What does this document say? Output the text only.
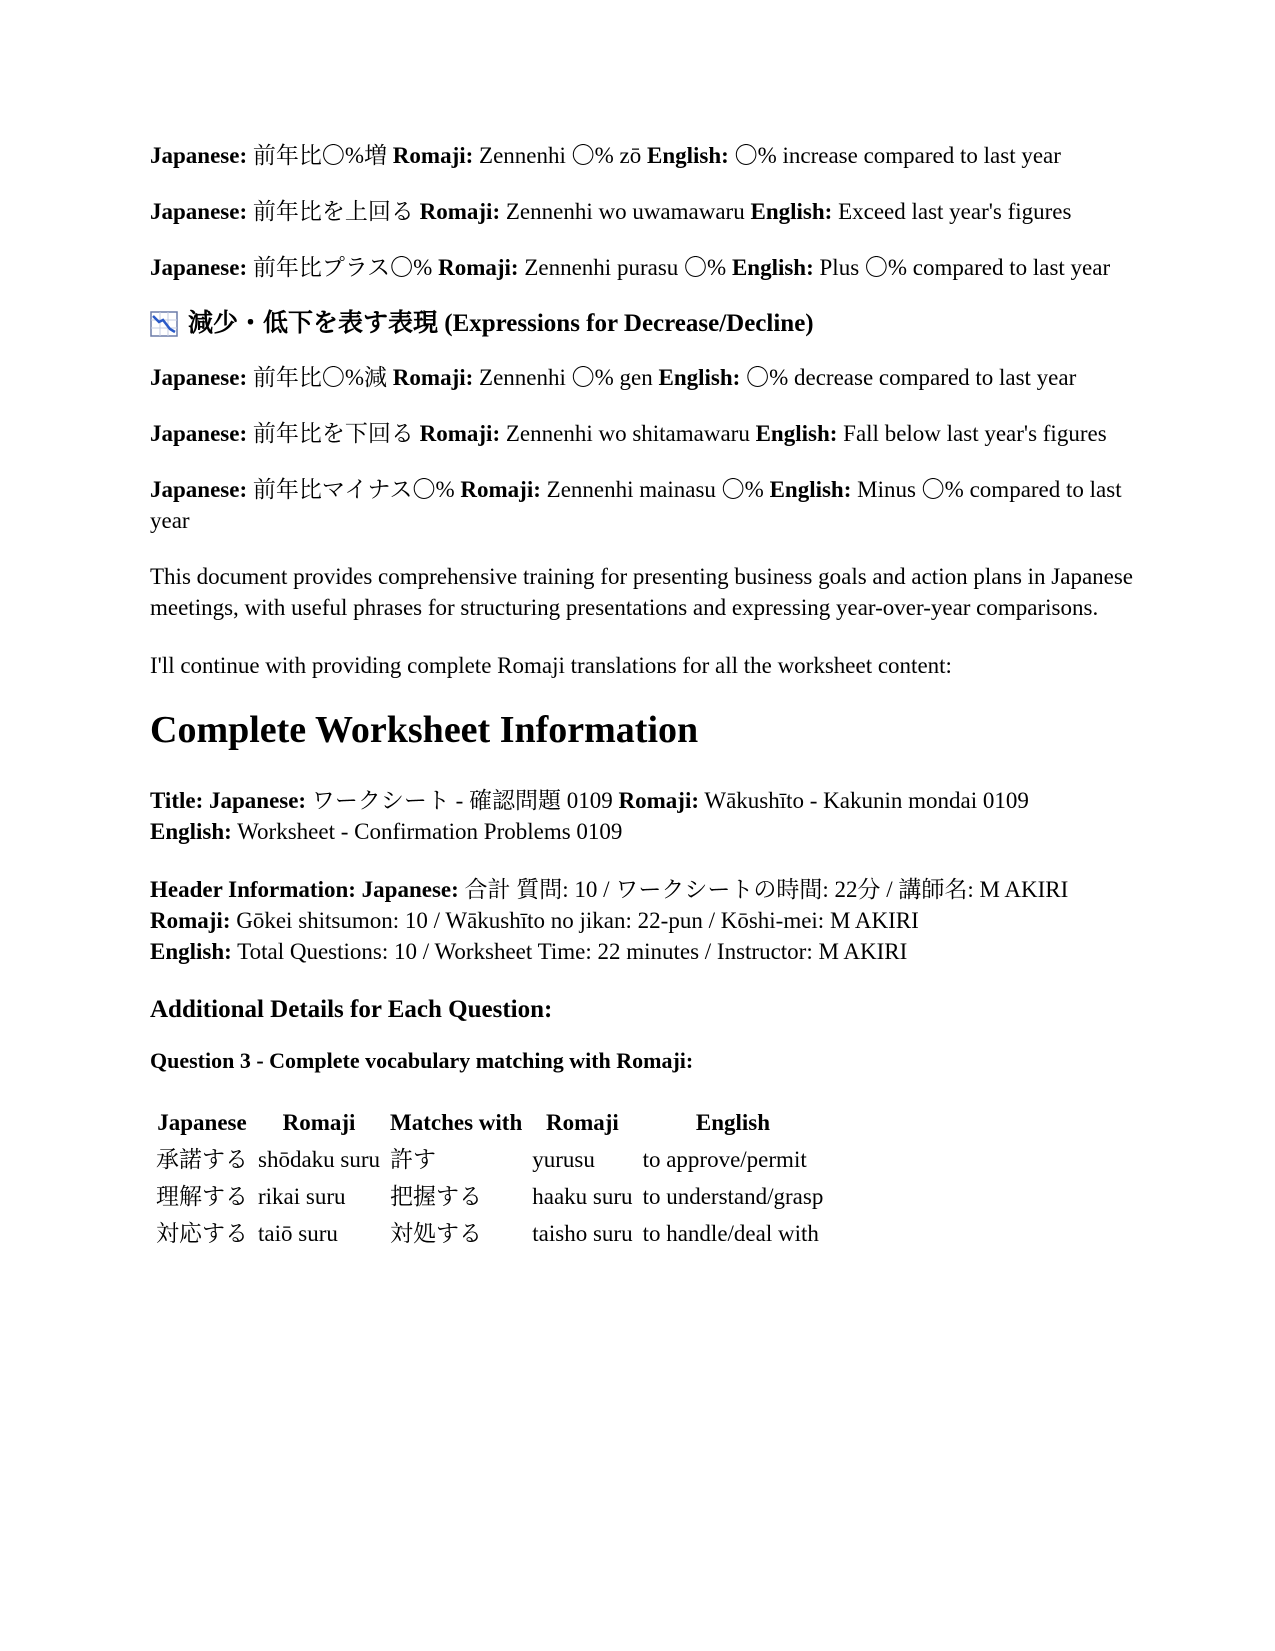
Japanese: 前年比〇%増 Romaji: Zennenhi 〇% zō English: 〇% increase compared to last year

Japanese: 前年比を上回る Romaji: Zennenhi wo uwamawaru English: Exceed last year's figures

Japanese: 前年比プラス〇% Romaji: Zennenhi purasu 〇% English: Plus 〇% compared to last year

減少・低下を表す表現 (Expressions for Decrease/Decline)

Japanese: 前年比〇%減 Romaji: Zennenhi 〇% gen English: 〇% decrease compared to last year

Japanese: 前年比を下回る Romaji: Zennenhi wo shitamawaru English: Fall below last year's figures

Japanese: 前年比マイナス〇% Romaji: Zennenhi mainasu 〇% English: Minus 〇% compared to last year

This document provides comprehensive training for presenting business goals and action plans in Japanese meetings, with useful phrases for structuring presentations and expressing year-over-year comparisons.

I'll continue with providing complete Romaji translations for all the worksheet content:

Complete Worksheet Information

Title: Japanese: ワークシート - 確認問題 0109 Romaji: Wākushīto - Kakunin mondai 0109
English: Worksheet - Confirmation Problems 0109

Header Information: Japanese: 合計 質問: 10 / ワークシートの時間: 22分 / 講師名: M AKIRI Romaji: Gōkei shitsumon: 10 / Wākushīto no jikan: 22-pun / Kōshi-mei: M AKIRI
English: Total Questions: 10 / Worksheet Time: 22 minutes / Instructor: M AKIRI

Additional Details for Each Question:
Question 3 - Complete vocabulary matching with Romaji:
Japanese	Romaji	Matches with	Romaji	English
承諾する	shōdaku suru	許す	yurusu	to approve/permit
理解する	rikai suru	把握する	haaku suru	to understand/grasp
対応する	taiō suru	対処する	taisho suru	to handle/deal with
